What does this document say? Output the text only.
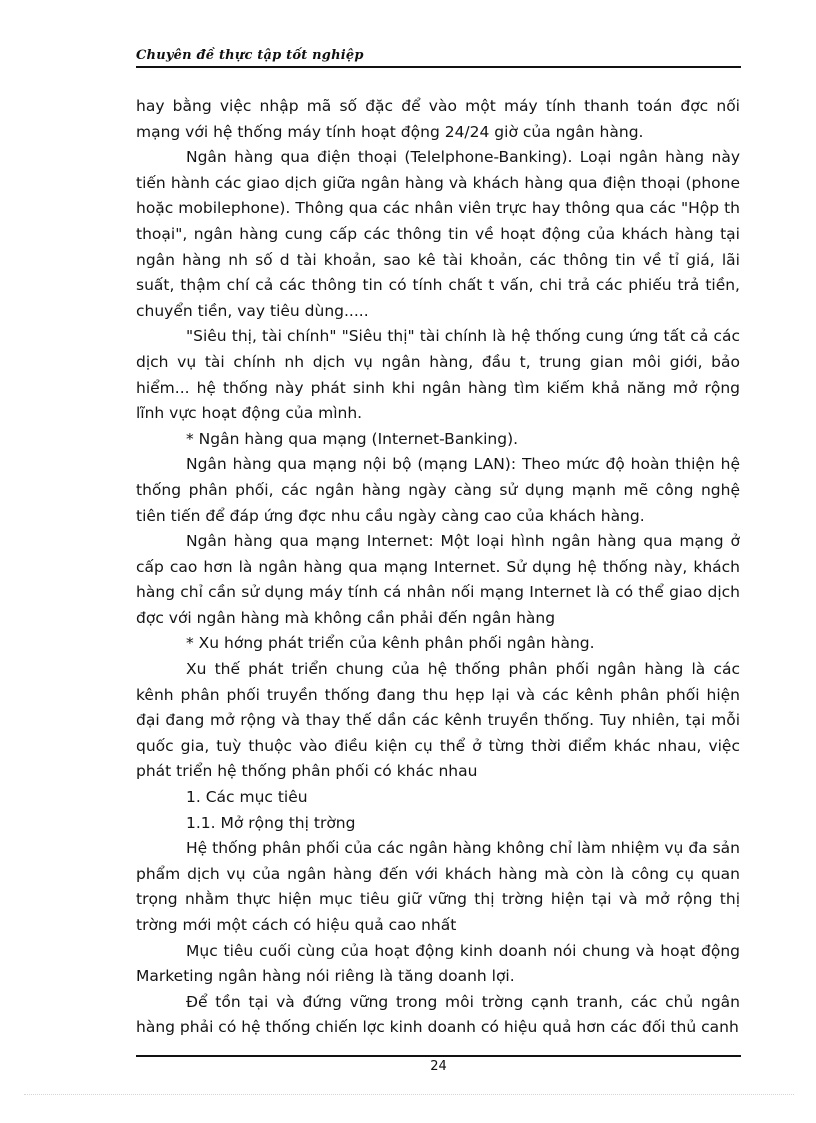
Chuyên đề thực tập tốt nghiệp

hay bằng việc nhập mã số đặc để vào một máy tính thanh toán đợc nối mạng với hệ thống máy tính hoạt động 24/24 giờ của ngân hàng.

Ngân hàng qua điện thoại (Telelphone-Banking). Loại ngân hàng này tiến hành các giao dịch giữa ngân hàng và khách hàng qua điện thoại (phone hoặc mobilephone). Thông qua các nhân viên trực hay thông qua các "Hộp th thoại", ngân hàng cung cấp các thông tin về hoạt động của khách hàng tại ngân hàng nh số d tài khoản, sao kê tài khoản, các thông tin về tỉ giá, lãi suất, thậm chí cả các thông tin có tính chất t vấn, chi trả các phiếu trả tiền, chuyển tiền, vay tiêu dùng.....

"Siêu thị, tài chính" "Siêu thị" tài chính là hệ thống cung ứng tất cả các dịch vụ tài chính nh dịch vụ ngân hàng, đầu t, trung gian môi giới, bảo hiểm... hệ thống này phát sinh khi ngân hàng tìm kiếm khả năng mở rộng lĩnh vực hoạt động của mình.

* Ngân hàng qua mạng (Internet-Banking).

Ngân hàng qua mạng nội bộ (mạng LAN): Theo mức độ hoàn thiện hệ thống phân phối, các ngân hàng ngày càng sử dụng mạnh mẽ công nghệ tiên tiến để đáp ứng đợc nhu cầu ngày càng cao của khách hàng.

Ngân hàng qua mạng Internet: Một loại hình ngân hàng qua mạng ở cấp cao hơn là ngân hàng qua mạng Internet. Sử dụng hệ thống này, khách hàng chỉ cần sử dụng máy tính cá nhân nối mạng Internet là có thể giao dịch đợc với ngân hàng mà không cần phải đến ngân hàng

* Xu hớng phát triển của kênh phân phối ngân hàng.

Xu thế phát triển chung của hệ thống phân phối ngân hàng là các kênh phân phối truyền thống đang thu hẹp lại và các kênh phân phối hiện đại đang mở rộng và thay thế dần các kênh truyền thống. Tuy nhiên, tại mỗi quốc gia, tuỳ thuộc vào điều kiện cụ thể ở từng thời điểm khác nhau, việc phát triển hệ thống phân phối có khác nhau

1. Các mục tiêu

1.1. Mở rộng thị trờng

Hệ thống phân phối của các ngân hàng không chỉ làm nhiệm vụ đa sản phẩm dịch vụ của ngân hàng đến với khách hàng mà còn là công cụ quan trọng nhằm thực hiện mục tiêu giữ vững thị trờng hiện tại và mở rộng thị trờng mới một cách có hiệu quả cao nhất

Mục tiêu cuối cùng của hoạt động kinh doanh nói chung và hoạt động Marketing ngân hàng nói riêng là tăng doanh lợi.

Để tồn tại và đứng vững trong môi trờng cạnh tranh, các chủ ngân hàng phải có hệ thống chiến lợc kinh doanh có hiệu quả hơn các đối thủ canh

24
